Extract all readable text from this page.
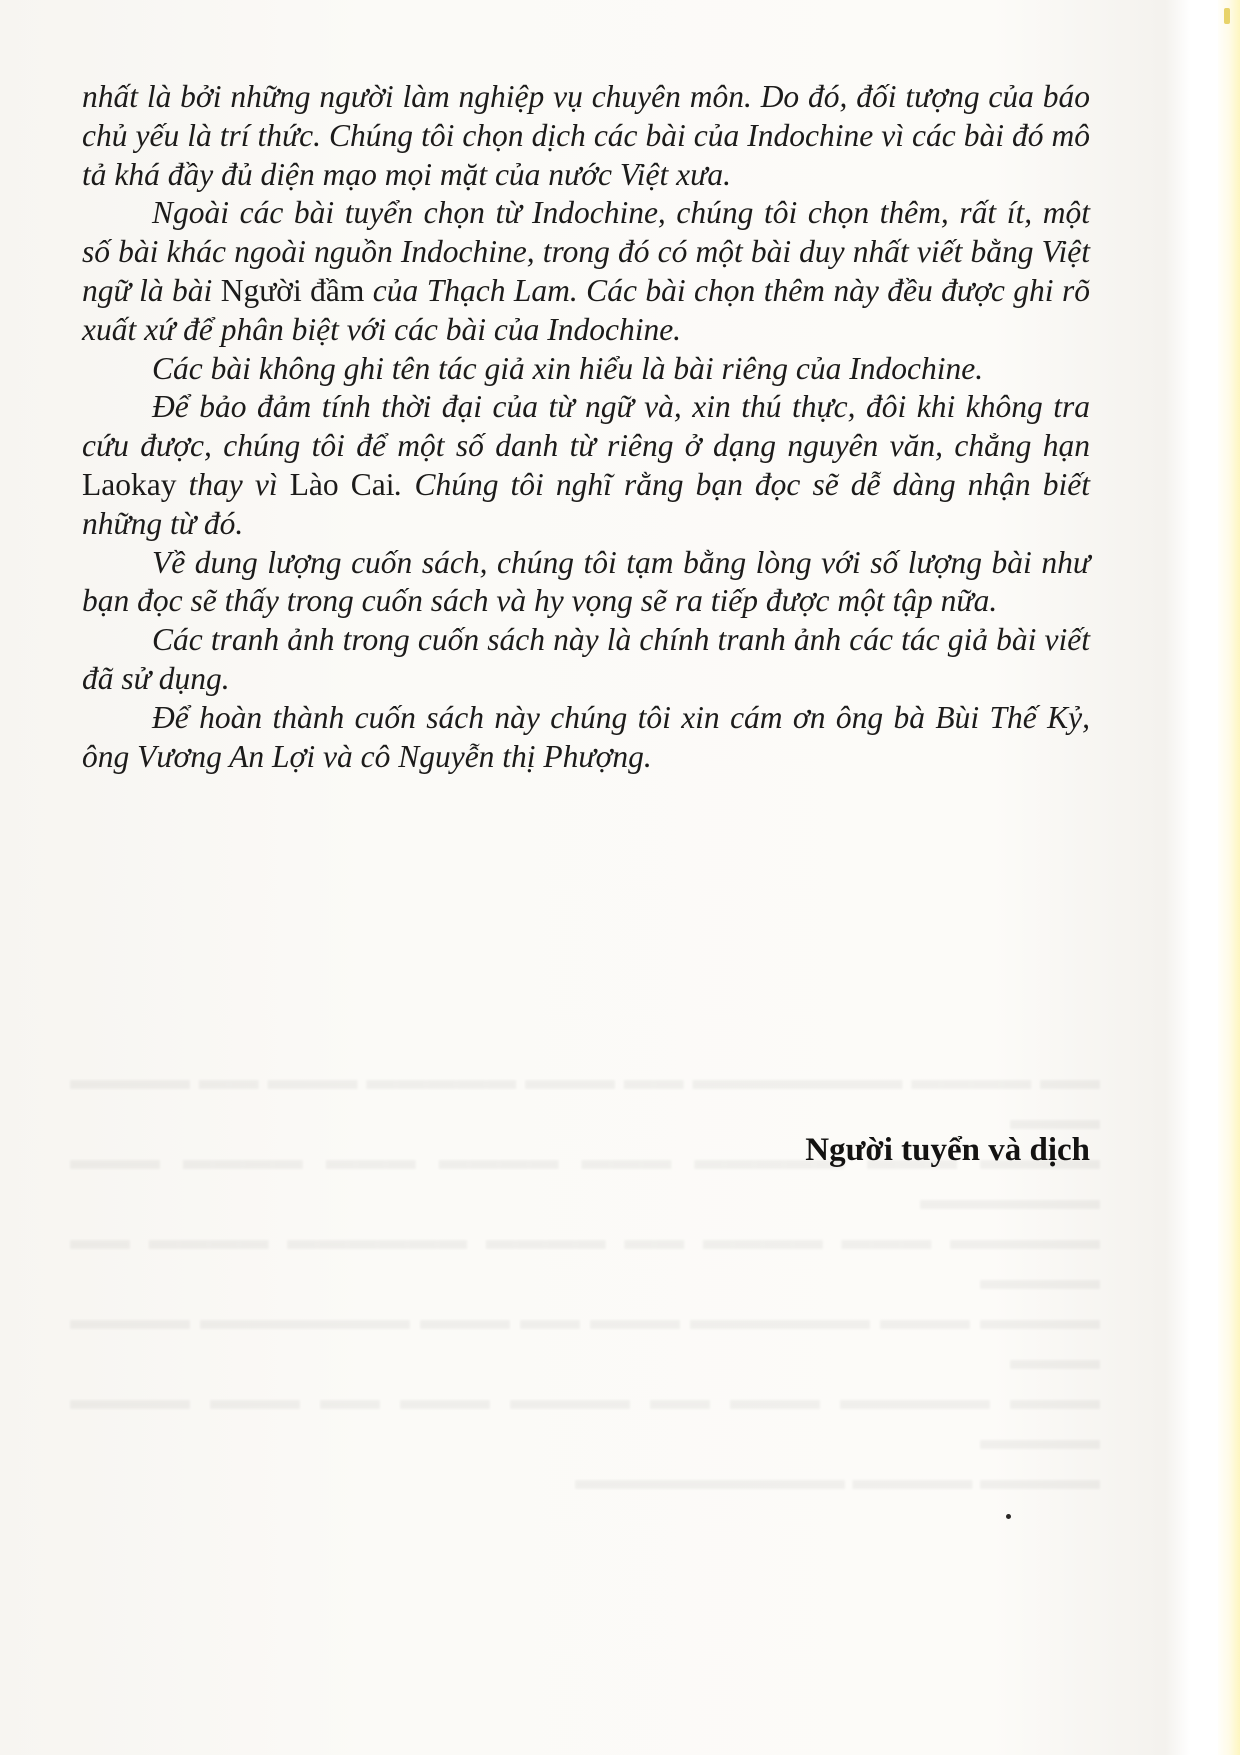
nhất là bởi những người làm nghiệp vụ chuyên môn. Do đó, đối tượng của báo chủ yếu là trí thức. Chúng tôi chọn dịch các bài của Indochine vì các bài đó mô tả khá đầy đủ diện mạo mọi mặt của nước Việt xưa.

Ngoài các bài tuyển chọn từ Indochine, chúng tôi chọn thêm, rất ít, một số bài khác ngoài nguồn Indochine, trong đó có một bài duy nhất viết bằng Việt ngữ là bài Người đầm của Thạch Lam. Các bài chọn thêm này đều được ghi rõ xuất xứ để phân biệt với các bài của Indochine.

Các bài không ghi tên tác giả xin hiểu là bài riêng của Indochine.

Để bảo đảm tính thời đại của từ ngữ và, xin thú thực, đôi khi không tra cứu được, chúng tôi để một số danh từ riêng ở dạng nguyên văn, chẳng hạn Laokay thay vì Lào Cai. Chúng tôi nghĩ rằng bạn đọc sẽ dễ dàng nhận biết những từ đó.

Về dung lượng cuốn sách, chúng tôi tạm bằng lòng với số lượng bài như bạn đọc sẽ thấy trong cuốn sách và hy vọng sẽ ra tiếp được một tập nữa.

Các tranh ảnh trong cuốn sách này là chính tranh ảnh các tác giả bài viết đã sử dụng.

Để hoàn thành cuốn sách này chúng tôi xin cám ơn ông bà Bùi Thế Kỷ, ông Vương An Lợi và cô Nguyễn thị Phượng.

Người tuyển và dịch
